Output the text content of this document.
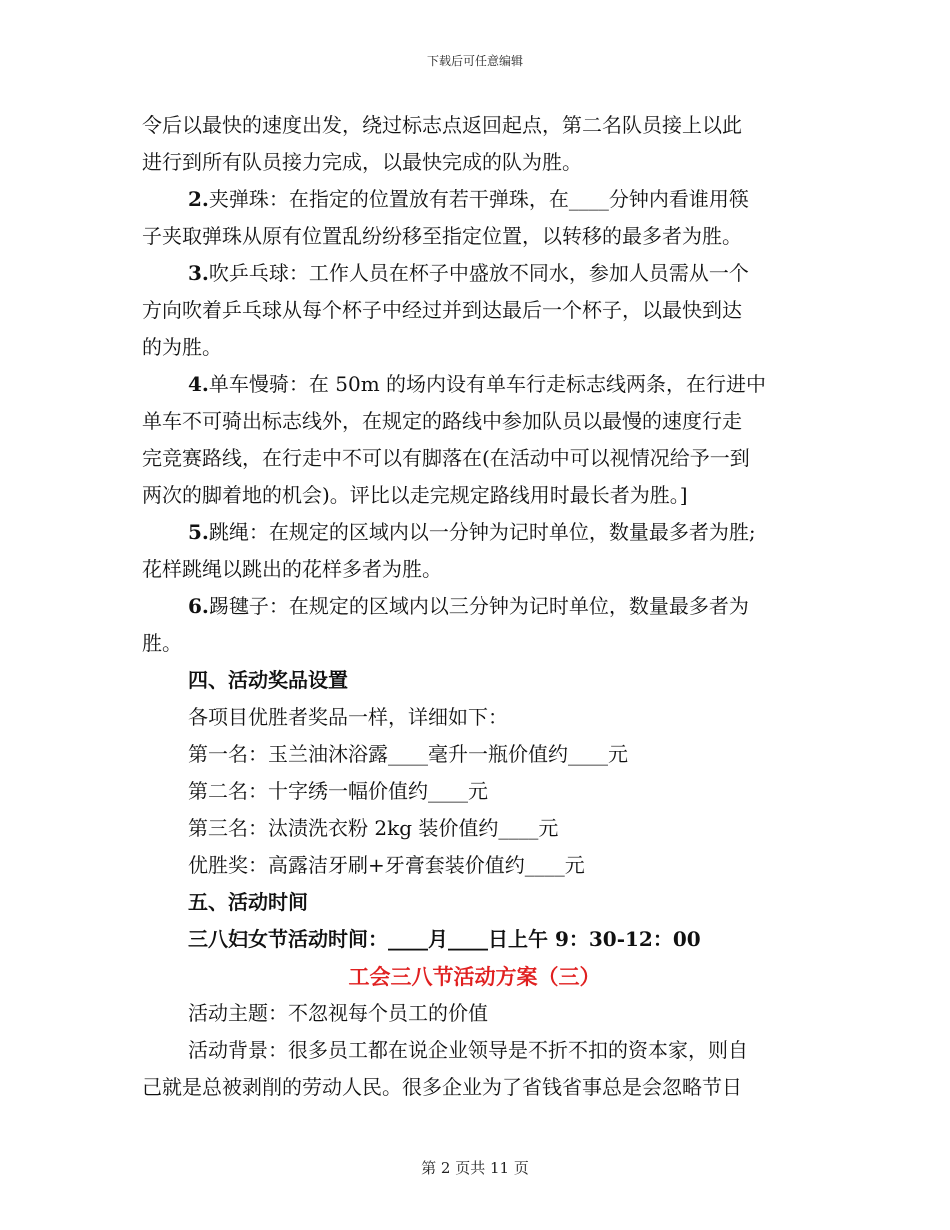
下载后可任意编辑

令后以最快的速度出发，绕过标志点返回起点，第二名队员接上以此

进行到所有队员接力完成，以最快完成的队为胜。

2.夹弹珠：在指定的位置放有若干弹珠，在____分钟内看谁用筷

子夹取弹珠从原有位置乱纷纷移至指定位置，以转移的最多者为胜。

3.吹乒乓球：工作人员在杯子中盛放不同水，参加人员需从一个

方向吹着乒乓球从每个杯子中经过并到达最后一个杯子，以最快到达

的为胜。

4.单车慢骑：在 50m 的场内设有单车行走标志线两条，在行进中

单车不可骑出标志线外，在规定的路线中参加队员以最慢的速度行走

完竞赛路线，在行走中不可以有脚落在(在活动中可以视情况给予一到

两次的脚着地的机会)。评比以走完规定路线用时最长者为胜。]

5.跳绳：在规定的区域内以一分钟为记时单位，数量最多者为胜;

花样跳绳以跳出的花样多者为胜。

6.踢毽子：在规定的区域内以三分钟为记时单位，数量最多者为

胜。

四、活动奖品设置

各项目优胜者奖品一样，详细如下：

第一名：玉兰油沐浴露____毫升一瓶价值约____元

第二名：十字绣一幅价值约____元

第三名：汰渍洗衣粉 2kg 装价值约____元

优胜奖：高露洁牙刷+牙膏套装价值约____元

五、活动时间

三八妇女节活动时间：____月____日上午 9：30-12：00

工会三八节活动方案（三）

活动主题：不忽视每个员工的价值

活动背景：很多员工都在说企业领导是不折不扣的资本家，则自

己就是总被剥削的劳动人民。很多企业为了省钱省事总是会忽略节日

第 2 页共 11 页
